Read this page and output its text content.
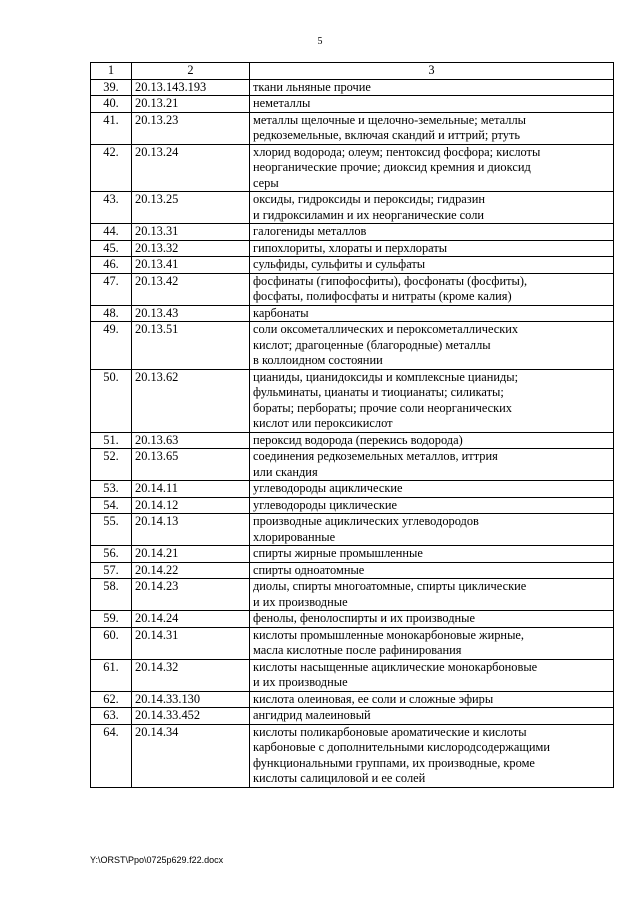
5
1	2	3
39.	20.13.143.193	ткани льняные прочие
40.	20.13.21	неметаллы
41.	20.13.23	металлы щелочные и щелочно-земельные; металлы
редкоземельные, включая скандий и иттрий; ртуть
42.	20.13.24	хлорид водорода; олеум; пентоксид фосфора; кислоты
неорганические прочие; диоксид кремния и диоксид
серы
43.	20.13.25	оксиды, гидроксиды и пероксиды; гидразин
и гидроксиламин и их неорганические соли
44.	20.13.31	галогениды металлов
45.	20.13.32	гипохлориты, хлораты и перхлораты
46.	20.13.41	сульфиды, сульфиты и сульфаты
47.	20.13.42	фосфинаты (гипофосфиты), фосфонаты (фосфиты),
фосфаты, полифосфаты и нитраты (кроме калия)
48.	20.13.43	карбонаты
49.	20.13.51	соли оксометаллических и пероксометаллических
кислот; драгоценные (благородные) металлы
в коллоидном состоянии
50.	20.13.62	цианиды, цианидоксиды и комплексные цианиды;
фульминаты, цианаты и тиоцианаты; силикаты;
бораты; пербораты; прочие соли неорганических
кислот или пероксикислот
51.	20.13.63	пероксид водорода (перекись водорода)
52.	20.13.65	соединения редкоземельных металлов, иттрия
или скандия
53.	20.14.11	углеводороды ациклические
54.	20.14.12	углеводороды циклические
55.	20.14.13	производные ациклических углеводородов
хлорированные
56.	20.14.21	спирты жирные промышленные
57.	20.14.22	спирты одноатомные
58.	20.14.23	диолы, спирты многоатомные, спирты циклические
и их производные
59.	20.14.24	фенолы, фенолоспирты и их производные
60.	20.14.31	кислоты промышленные монокарбоновые жирные,
масла кислотные после рафинирования
61.	20.14.32	кислоты насыщенные ациклические монокарбоновые
и их производные
62.	20.14.33.130	кислота олеиновая, ее соли и сложные эфиры
63.	20.14.33.452	ангидрид малеиновый
64.	20.14.34	кислоты поликарбоновые ароматические и кислоты
карбоновые с дополнительными кислородсодержащими
функциональными группами, их производные, кроме
кислоты салициловой и ее солей
Y:\ORST\Ppo\0725p629.f22.docx
